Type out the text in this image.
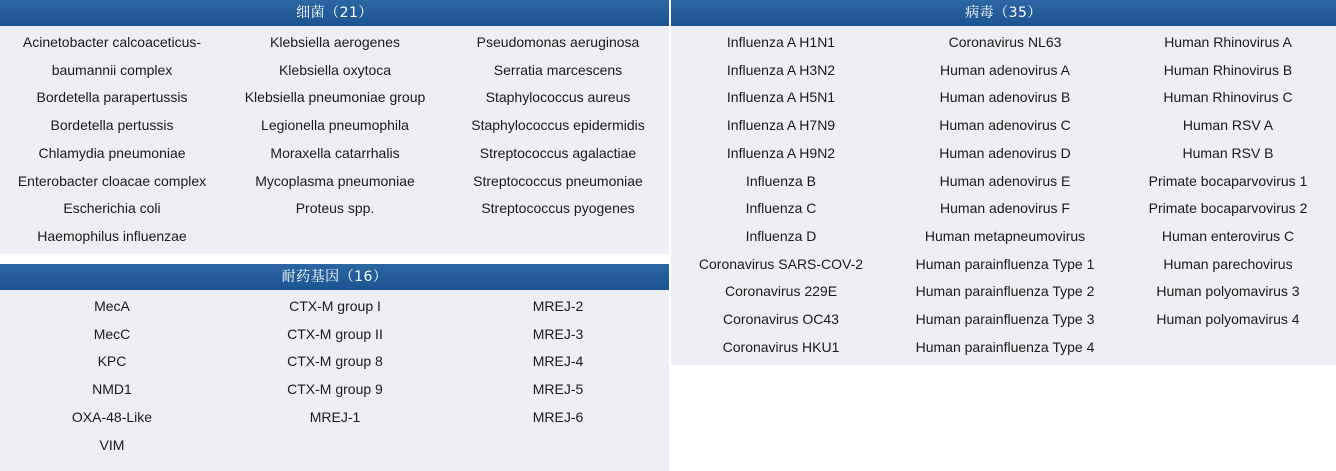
细菌（21）
Acinetobacter calcoaceticus-
baumannii complex
Bordetella parapertussis
Bordetella pertussis
Chlamydia pneumoniae
Enterobacter cloacae complex
Escherichia coli
Haemophilus influenzae
Klebsiella aerogenes
Klebsiella oxytoca
Klebsiella pneumoniae group
Legionella pneumophila
Moraxella catarrhalis
Mycoplasma pneumoniae
Proteus spp.
Pseudomonas aeruginosa
Serratia marcescens
Staphylococcus aureus
Staphylococcus epidermidis
Streptococcus agalactiae
Streptococcus pneumoniae
Streptococcus pyogenes
耐药基因（16）
MecA
MecC
KPC
NMD1
OXA-48-Like
VIM
CTX-M group I
CTX-M group II
CTX-M group 8
CTX-M group 9
MREJ-1
MREJ-2
MREJ-3
MREJ-4
MREJ-5
MREJ-6
病毒（35）
Influenza A H1N1
Influenza A H3N2
Influenza A H5N1
Influenza A H7N9
Influenza A H9N2
Influenza B
Influenza C
Influenza D
Coronavirus SARS-COV-2
Coronavirus 229E
Coronavirus OC43
Coronavirus HKU1
Coronavirus NL63
Human adenovirus A
Human adenovirus B
Human adenovirus C
Human adenovirus D
Human adenovirus E
Human adenovirus F
Human metapneumovirus
Human parainfluenza Type 1
Human parainfluenza Type 2
Human parainfluenza Type 3
Human parainfluenza Type 4
Human Rhinovirus A
Human Rhinovirus B
Human Rhinovirus C
Human RSV A
Human RSV B
Primate bocaparvovirus 1
Primate bocaparvovirus 2
Human enterovirus C
Human parechovirus
Human polyomavirus 3
Human polyomavirus 4
